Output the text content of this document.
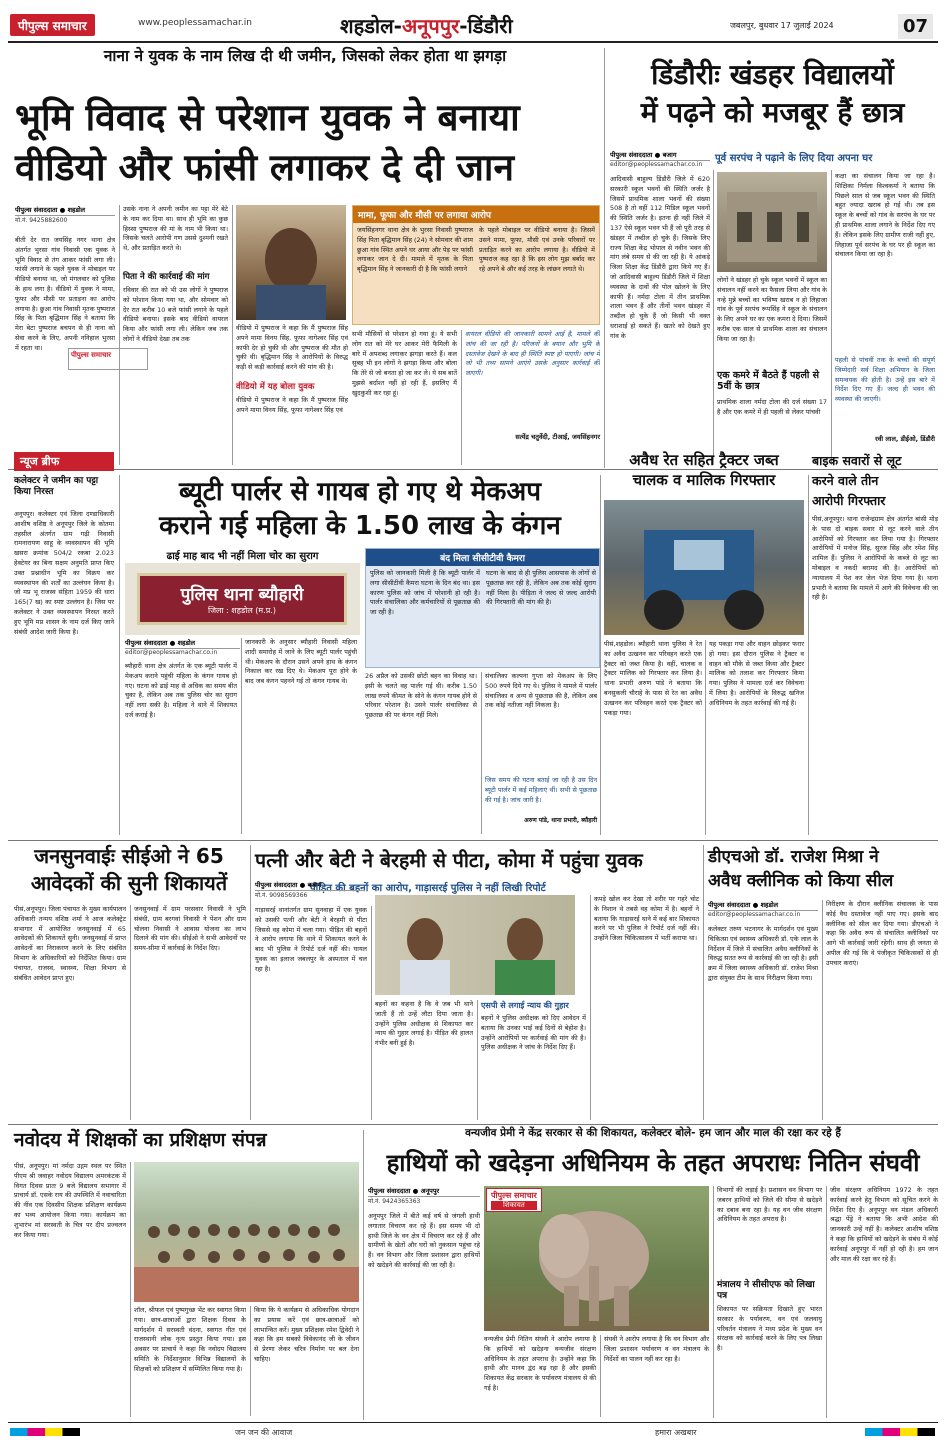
पीपुल्स समाचार	www.peoplessamachar.in	शहडोल-अनूपपुर-डिंडौरी	जबलपुर, बुधवार 17 जुलाई 2024	07
नाना ने युवक के नाम लिख दी थी जमीन, जिसको लेकर होता था झगड़ा
भूमि विवाद से परेशान युवक ने बनाया
वीडियो और फांसी लगाकर दे दी जान
पीपुल्स संवाददाता ● शहडोल
मो.नं. 9425882600
बीती देर रात जयसिंह नगर थाना क्षेत्र अंतर्गत भुरसा गांव निवासी एक युवक ने भूमि विवाद से तंग आकर फांसी लगा ली। फांसी लगाने के पहले युवक ने मोबाइल पर वीडियो बनाया था, जो मंगलवार को पुलिस के हाथ लगा है। वीडियो में युवक ने मामा, फूफा और मौसी पर प्रताड़ना का आरोप लगाया है। छुआ गांव निवासी मृतक पुष्पराज सिंह के पिता बृद्धिमान सिंह ने बताया कि मेरा बेटा पुष्पराज बचपन से ही नाना को सेवा करने के लिए, अपनी ननिहाल भुरसा में रहता था।
पीपुल्स समाचार
उसके नाना ने अपनी जमीन का पट्टा मेरे बेटे के नाम कर दिया था। साथ ही भूमि का कुछ हिस्सा पुष्पराज की मां के नाम भी किया था। जिसके चलते आरोपी गण उससे दुश्मनी रखते थे, और प्रताड़ित करते थे।
पिता ने की कार्रवाई की मांग
रविवार की रात को भी उस लोगों ने पुष्पराज को परेशान किया गया था, और सोमवार को देर रात करीब 10 बजे फांसी लगाने के पहले वीडियो बनाया। इसके बाद वीडियो वायरल किया और फांसी लगा ली। लेकिन जब तक लोगों ने वीडियो देखा तब तक
वीडियो में यह बोला युवक
वीडियो में पुष्पराज ने कहा कि मैं पुष्पराज सिंह अपने मामा विनय सिंह, फूफा नागेश्वर सिंह एवं काफी देर हो चुकी थी और पुष्पराज की मौत हो चुकी थी। बृद्धिमान सिंह ने आरोपियों के विरुद्ध कड़ी से कड़ी कार्रवाई करने की मांग की है।
वीडियो में पुष्पराज ने कहा कि मैं पुष्पराज सिंह अपने मामा विनय सिंह, फूफा नागेश्वर सिंह एवं
मामा, फूफा और मौसी पर लगाया आरोप
जयसिंहनगर थाना क्षेत्र के भुरसा निवासी पुष्पराज सिंह पिता बृद्धिमान सिंह (24) ने सोमवार की शाम छुआ गांव स्थित अपने घर आया और पेड़ पर फांसी लगाकर जान दे दी। मामले में मृतक के पिता बृद्धिमान सिंह ने जानकारी दी है कि फांसी लगाने
के पहले मोबाइल पर वीडियो बनाया है। जिसमें उसने मामा, फूफा, मौसी एवं उनके परिवारों पर प्रताड़ित करने का आरोप लगाया है। वीडियो में पुष्पराज कह रहा है कि इस लोग मुझ बर्बाद कर रहे अपने बे और कई तरह के लांछन लगाते थे।
सभी मौसियों से परेशान हो गया हूं। ये सभी लोग रात को मेरे घर आकर मेरी फैमिली के बारे में अपशब्द लगाकर झगड़ा करते हैं। कल सुबह भी इन लोगों ने झगड़ा किया और बोला कि तेरे से जो बनता हो जा कर ले। ये सब बातें मुझसे बर्दाश्त नहीं हो रही हैं, इसलिए मैं खुदकुशी कर रहा हूं।
वायरल वीडियो की जानकारी सामने आई है, मामले की जांच की जा रही है। परिजनों के बयान और भूमि के दस्तावेज देखने के बाद ही स्थिति स्पष्ट हो पाएगी। जांच में जो भी तथ्य सामने आएंगे उसके अनुसार कार्रवाई की जाएगी।
सत्येंद्र चतुर्वेदी, टीआई, जयसिंहनगर
डिंडौरीः खंडहर विद्यालयों
में पढ़ने को मजबूर हैं छात्र
पीपुल्स संवाददाता ● बजाग
editor@peoplessamachar.co.in
पूर्व सरपंच ने पढ़ाने के लिए दिया अपना घर
आदिवासी बाहुल्य डिंडौरी जिले में 620 सरकारी स्कूल भवनों की स्थिति जर्जर है जिसमें प्राथमिक शाला भवनों की संख्या 508 है तो वहीं 112 मिडिल स्कूल भवनों की स्थिति जर्जर है। इतना ही नहीं जिले में 137 ऐसे स्कूल भवन भी हैं जो पूरी तरह से खंडहर में तब्दील हो चुके हैं। जिसके लिए राज्य शिक्षा केंद्र भोपाल से नवीन भवन की मांग लंबे समय से की जा रही है। ये आंकड़े जिला शिक्षा केंद्र डिंडौरी द्वारा किये गए हैं। जो आदिवासी बाहुल्य डिंडौरी जिले में शिक्षा व्यवस्था के दावों की पोल खोलने के लिए काफी हैं। नर्मदा टोला में तीन प्राथमिक शाला भवन हैं और तीनों भवन खंडहर में तब्दील हो चुके हैं जो किसी भी वक्त धराशाई हो सकते हैं। खतरे को देखते हुए गांव के
लोगों ने खंडहर हो चुके स्कूल भवनों में स्कूल का संचालन नहीं करने का फैसला लिया और गांव के नन्हे मुन्ने बच्चों का भविष्य खराब न हो लिहाजा गांव के पूर्व सरपंच रूपसिंह ने स्कूल के संचालन के लिए अपने घर का एक कमरा दे दिया। जिसमें करीब एक साल से प्राथमिक शाला का संचालन किया जा रहा है।
एक कमरे में बैठते हैं पहली से 5वीं के छात्र
प्राथमिक शाला नर्मदा टोला की दर्ज संख्या 17 है और एक कमरे में ही पहली से लेकर पांचवी
कक्षा का संचालन किया जा रहा है। शिक्षिका निर्मला विश्वकर्मा ने बताया कि पिछले साल से जब स्कूल भवन की स्थिति बहुत ज्यादा खराब हो गई थी। तब इस स्कूल के बच्चों को गांव के सरपंच के घर पर ही प्राथमिक शाला लगाने के निर्देश दिए गए हैं। लेकिन इसके लिए ग्रामीण राजी नहीं हुए, लिहाजा पूर्व सरपंच के घर पर ही स्कूल का संचालन किया जा रहा है।
पहली से पांचवीं तक के बच्चों की संपूर्ण जिम्मेदारी सर्व शिक्षा अभियान के जिला समन्वयक की होती है। उन्हें इस बारे में निर्देश दिए गए हैं। जल्द ही भवन की व्यवस्था की जाएगी।
रवी लाल, डीईओ, डिंडौरी
न्यूज ब्रीफ
कलेक्टर ने जमीन का पट्टा किया निरस्त
अनूपपुर। कलेक्टर एवं जिला दण्डाधिकारी आशीष वशिष्ठ ने अनूपपुर जिले के कोतमा तहसील अंतर्गत ग्राम गढ़ी निवासी रामनारायण साहू के व्यवस्थापन की भूमि खसरा क्रमांक 504/2 रकबा 2.023 हेक्टेयर का बिना सक्षम अनुमति प्राप्त किए उक्त प्रश्नाधीन भूमि का विक्रय कर व्यवस्थापन की शर्तों का उल्लंघन किया है। जो मप्र भू राजस्व संहिता 1959 की धारा 165(7 ख) का स्पष्ट उल्लंघन है। जिस पर कलेक्टर ने उक्त व्यवस्थापन निरस्त करते हुए भूमि मप्र शासन के नाम दर्ज किए जाने संबंधी आदेश जारी किया है।
ब्यूटी पार्लर से गायब हो गए थे मेकअप
कराने गई महिला के 1.50 लाख के कंगन
ढाई माह बाद भी नहीं मिला चोर का सुराग
पुलिस थाना ब्यौहारी
जिला : शहडोल (म.प्र.)
पीपुल्स संवाददाता ● शहडोल
editor@peoplessamachar.co.in
ब्यौहारी थाना क्षेत्र अंतर्गत के एक ब्यूटी पार्लर में मेकअप कराने पहुंची महिला के कंगन गायब हो गए। घटना को ढाई माह से अधिक का समय बीत चुका है, लेकिन अब तक पुलिस चोर का सुराग नहीं लगा सकी है। महिला ने थाने में शिकायत दर्ज कराई है।
जानकारी के अनुसार ब्यौहारी निवासी महिला शादी समारोह में जाने के लिए ब्यूटी पार्लर पहुंची थी। मेकअप के दौरान उसने अपने हाथ के कंगन निकाल कर रख दिए थे। मेकअप पूरा होने के बाद जब कंगन पहनने गई तो कंगन गायब थे।
बंद मिला सीसीटीवी कैमरा
पुलिस को जानकारी मिली है कि ब्यूटी पार्लर में लगा सीसीटीवी कैमरा घटना के दिन बंद था। इस कारण पुलिस को जांच में परेशानी हो रही है। पार्लर संचालिका और कर्मचारियों से पूछताछ की जा रही है।
घटना के बाद से ही पुलिस आसपास के लोगों से पूछताछ कर रही है, लेकिन अब तक कोई सुराग नहीं मिला है। पीड़िता ने जल्द से जल्द आरोपी की गिरफ्तारी की मांग की है।
26 अप्रैल को उसकी छोटी बहन का विवाह था। इसी के चलते वह पार्लर गई थी। करीब 1.50 लाख रुपये कीमत के सोने के कंगन गायब होने से परिवार परेशान है। उसने पार्लर संचालिका से पूछताछ की पर कंगन नहीं मिले।
संचालिका कल्पना गुप्ता को मेकअप के लिए 500 रुपये दिये गए थे। पुलिस ने मामले में पार्लर संचालिका व अन्य से पूछताछ की है, लेकिन अब तक कोई नतीजा नहीं निकला है।
जिस समय की घटना बताई जा रही है उस दिन ब्यूटी पार्लर में कई महिलाएं थीं। सभी से पूछताछ की गई है। जांच जारी है।
अरुण पांडे, थाना प्रभारी, ब्यौहारी
अवैध रेत सहित ट्रैक्टर जब्त
चालक व मालिक गिरफ्तार
पीसं,शहडोल। ब्यौहारी थाना पुलिस ने रेत का अवैध उत्खनन कर परिवहन करते एक ट्रैक्टर को जब्त किया है। वहीं, चालक व ट्रैक्टर मालिक को गिरफ्तार कर लिया है। धाना प्रभारी अरुण पांडे ने बताया कि बनसुकली चौराहे के पास से रेत का अवैध उत्खनन कर परिवहन करते एक ट्रैक्टर को पकड़ा गया।
यह पकड़ा गया और वाहन छोड़कर फरार हो गया। इस दौरान पुलिस ने ट्रैक्टर व वाहन को मौके से जब्त किया और ट्रैक्टर मालिक को तलाश कर गिरफ्तार किया गया। पुलिस ने मामला दर्ज कर विवेचना में लिया है। आरोपियों के विरुद्ध खनिज अधिनियम के तहत कार्रवाई की गई है।
बाइक सवारों से लूट
करने वाले तीन
आरोपी गिरफ्तार
पीसं,अनूपपुर। थाना राजेन्द्रग्राम क्षेत्र अंतर्गत बांसी मोड़ के पास दो बाइक सवार से लूट करने वाले तीन आरोपियों को गिरफ्तार कर लिया गया है। गिरफ्तार आरोपियों में मनोज सिंह, सुरज सिंह और रमेश सिंह शामिल हैं। पुलिस ने आरोपियों के कब्जे से लूट का मोबाइल व नकदी बरामद की है। आरोपियों को न्यायालय में पेश कर जेल भेज दिया गया है। थाना प्रभारी ने बताया कि मामले में आगे की विवेचना की जा रही है।
जनसुनवाईः सीईओ ने 65
आवेदकों की सुनी शिकायतें
पीसं,अनूपपुर। जिला पंचायत के मुख्य कार्यपालन अधिकारी तन्मय वशिष्ठ शर्मा ने आज कलेक्ट्रेट सभागार में आयोजित जनसुनवाई में 65 आवेदकों की शिकायतें सुनी। जनसुनवाई में प्राप्त आवेदनों का निराकरण करने के लिए संबंधित विभाग के अधिकारियों को निर्देशित किया। ग्राम पंचायत, राजस्व, स्वास्थ्य, शिक्षा विभाग से संबंधित आवेदन प्राप्त हुए।
जनसुनवाई में ग्राम परसवार निवासी ने भूमि संबंधी, ग्राम बरगवां निवासी ने पेंशन और ग्राम चोलना निवासी ने आवास योजना का लाभ दिलाने की मांग की। सीईओ ने सभी आवेदनों पर समय-सीमा में कार्रवाई के निर्देश दिए।
पत्नी और बेटी ने बेरहमी से पीटा, कोमा में पहुंचा युवक
पीड़ित की बहनों का आरोप, गाड़ासरई पुलिस ने नहीं लिखी रिपोर्ट
पीपुल्स संवाददाता ● बजाग
मो.नं. 9098569366
गाड़ासरई थानांतर्गत ग्राम सुनवाहा में एक युवक को उसकी पत्नी और बेटी ने बेरहमी से पीटा जिससे वह कोमा में चला गया। पीड़ित की बहनों ने आरोप लगाया कि थाने में शिकायत करने के बाद भी पुलिस ने रिपोर्ट दर्ज नहीं की। घायल युवक का इलाज जबलपुर के अस्पताल में चल रहा है।
बहनों का कहना है कि वे जब भी थाने जाती हैं तो उन्हें लौटा दिया जाता है। उन्होंने पुलिस अधीक्षक से शिकायत कर न्याय की गुहार लगाई है। पीड़ित की हालत गंभीर बनी हुई है।
एसपी से लगाई न्याय की गुहार
बहनों ने पुलिस अधीक्षक को दिए आवेदन में बताया कि उनका भाई कई दिनों से बेहोश है। उन्होंने आरोपियों पर कार्रवाई की मांग की है। पुलिस अधीक्षक ने जांच के निर्देश दिए हैं।
कपड़े खोल कर देखा तो शरीर पर गहरे चोट के निशान थे तबसे वह कोमा में है। बहनों ने बताया कि गाड़ासरई थाने में कई बार शिकायत करने पर भी पुलिस ने रिपोर्ट दर्ज नहीं की। उन्होंने जिला चिकित्सालय में भर्ती कराया था।
डीएचओ डॉ. राजेश मिश्रा ने
अवैध क्लीनिक को किया सील
पीपुल्स संवाददाता ● शहडोल
editor@peoplessamachar.co.in
कलेक्टर तरुण भटनागर के मार्गदर्शन एवं मुख्य चिकित्सा एवं स्वास्थ्य अधिकारी डॉ. एके लाल के निर्देशन में जिले में संचालित अवैध क्लीनिकों के विरुद्ध सतत रूप से कार्रवाई की जा रही है। इसी क्रम में जिला स्वास्थ्य अधिकारी डॉ. राजेश मिश्रा द्वारा संयुक्त टीम के साथ निरीक्षण किया गया।
निरीक्षण के दौरान क्लीनिक संचालक के पास कोई वैध दस्तावेज नहीं पाए गए। इसके बाद क्लीनिक को सील कर दिया गया। डीएचओ ने कहा कि अवैध रूप से संचालित क्लीनिकों पर आगे भी कार्रवाई जारी रहेगी। साथ ही जनता से अपील की गई कि वे पंजीकृत चिकित्सकों से ही उपचार कराएं।
नवोदय में शिक्षकों का प्रशिक्षण संपन्न
पीसं, अनूपपुर। मां नर्मदा उद्गम स्थल पर स्थित पीएम श्री जवाहर नवोदय विद्यालय अमरकंटक में विगत दिवस प्रातः 9 बजे विद्यालय सभागार में प्राचार्य डॉ. एसके राय की उपस्थिति में नवाचारिता की नींव एक दिवसीय शिक्षक प्रशिक्षण कार्यक्रम का भव्य आयोजन किया गया। कार्यक्रम का शुभारंभ मां सरस्वती के चित्र पर दीप प्रज्वलन कर किया गया।
शॉल, श्रीफल एवं पुष्पगुच्छ भेंट कर स्वागत किया गया। छात्र-छात्राओं द्वारा शिक्षक दिवस के मार्गदर्शन में सरस्वती वंदना, स्वागत गीत एवं राजस्थानी लोक नृत्य प्रस्तुत किया गया। इस अवसर पर प्राचार्य ने कहा कि नवोदय विद्यालय समिति के निर्देशानुसार विभिन्न विद्यालयों के शिक्षकों को प्रशिक्षण में सम्मिलित किया गया है।
किया कि ये कार्यक्रम से अधिकाधिक योगदान का प्रयास करें एवं छात्र-छात्राओं को लाभान्वित करें। मुख्य प्रशिक्षक रमेश द्विवेदी ने कहा कि हम सबको विवेकानंद जी के जीवन से प्रेरणा लेकर चरित्र निर्माण पर बल देना चाहिए।
वन्यजीव प्रेमी ने केंद्र सरकार से की शिकायत, कलेक्टर बोले- हम जान और माल की रक्षा कर रहे हैं
हाथियों को खदेड़ना अधिनियम के तहत अपराधः नितिन संघवी
पीपुल्स संवाददाता ● अनूपपुर
मो.नं. 9424365363
पीपुल्स समाचार
शिकायत
अनूपपुर जिले में बीते कई वर्ष से जंगली हाथी लगातार विचरण कर रहे हैं। इस समय भी दो हाथी जिले के वन क्षेत्र में विचरण कर रहे हैं और ग्रामीणों के खेतों और घरों को नुकसान पहुंचा रहे हैं। वन विभाग और जिला प्रशासन द्वारा हाथियों को खदेड़ने की कार्रवाई की जा रही है।
वन्यजीव प्रेमी नितिन संघवी ने आरोप लगाया है कि हाथियों को खदेड़ना वन्यजीव संरक्षण अधिनियम के तहत अपराध है। उन्होंने कहा कि हाथी और मानव द्वंद बढ़ रहा है और इसकी शिकायत केंद्र सरकार के पर्यावरण मंत्रालय से की गई है।
संघवी ने आरोप लगाया है कि वन विभाग और जिला प्रशासन पर्यावरण व वन मंत्रालय के निर्देशों का पालन नहीं कर रहा है।
विभागों की लड़ाई है। प्रशासन वन विभाग पर जबरन हाथियों को जिले की सीमा से खदेड़ने का दबाव बना रहा है। यह वन जीव संरक्षण अधिनियम के तहत अपराध है।
मंत्रालय ने सीसीएफ को लिखा पत्र
शिकायत पर सक्रियता दिखाते हुए भारत सरकार के पर्यावरण, वन एवं जलवायु परिवर्तन मंत्रालय ने मध्य प्रदेश के मुख्य वन संरक्षक को कार्रवाई करने के लिए पत्र लिखा है।
जीव संरक्षण अधिनियम 1972 के तहत कार्रवाई करने हेतु विभाग को सूचित करने के निर्देश दिए हैं। अनूपपुर वन मंडल अधिकारी श्रद्धा पेंड्रे ने बताया कि अभी आदेश की जानकारी उन्हें नहीं है। कलेक्टर आशीष वशिष्ठ ने कहा कि हाथियों को खदेड़ने के संबंध में कोई कार्रवाई अनूपपुर में नहीं हो रही है। हम जान और माल की रक्षा कर रहे हैं।
जन जन की आवाज	हमारा अखबार
